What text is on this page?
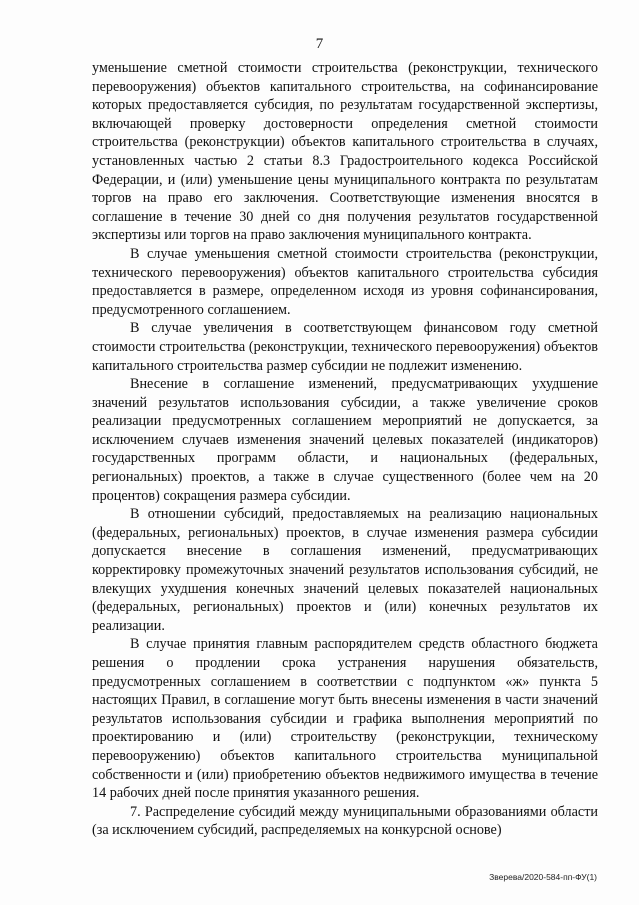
7

уменьшение сметной стоимости строительства (реконструкции, технического перевооружения) объектов капитального строительства, на софинансирование которых предоставляется субсидия, по результатам государственной экспертизы, включающей проверку достоверности определения сметной стоимости строительства (реконструкции) объектов капитального строительства в случаях, установленных частью 2 статьи 8.3 Градостроительного кодекса Российской Федерации, и (или) уменьшение цены муниципального контракта по результатам торгов на право его заключения. Соответствующие изменения вносятся в соглашение в течение 30 дней со дня получения результатов государственной экспертизы или торгов на право заключения муниципального контракта.

В случае уменьшения сметной стоимости строительства (реконструкции, технического перевооружения) объектов капитального строительства субсидия предоставляется в размере, определенном исходя из уровня софинансирования, предусмотренного соглашением.

В случае увеличения в соответствующем финансовом году сметной стоимости строительства (реконструкции, технического перевооружения) объектов капитального строительства размер субсидии не подлежит изменению.

Внесение в соглашение изменений, предусматривающих ухудшение значений результатов использования субсидии, а также увеличение сроков реализации предусмотренных соглашением мероприятий не допускается, за исключением случаев изменения значений целевых показателей (индикаторов) государственных программ области, и национальных (федеральных, региональных) проектов, а также в случае существенного (более чем на 20 процентов) сокращения размера субсидии.

В отношении субсидий, предоставляемых на реализацию национальных (федеральных, региональных) проектов, в случае изменения размера субсидии допускается внесение в соглашения изменений, предусматривающих корректировку промежуточных значений результатов использования субсидий, не влекущих ухудшения конечных значений целевых показателей национальных (федеральных, региональных) проектов и (или) конечных результатов их реализации.

В случае принятия главным распорядителем средств областного бюджета решения о продлении срока устранения нарушения обязательств, предусмотренных соглашением в соответствии с подпунктом «ж» пункта 5 настоящих Правил, в соглашение могут быть внесены изменения в части значений результатов использования субсидии и графика выполнения мероприятий по проектированию и (или) строительству (реконструкции, техническому перевооружению) объектов капитального строительства муниципальной собственности и (или) приобретению объектов недвижимого имущества в течение 14 рабочих дней после принятия указанного решения.

7. Распределение субсидий между муниципальными образованиями области (за исключением субсидий, распределяемых на конкурсной основе)

Зверева/2020-584-пп-ФУ(1)
